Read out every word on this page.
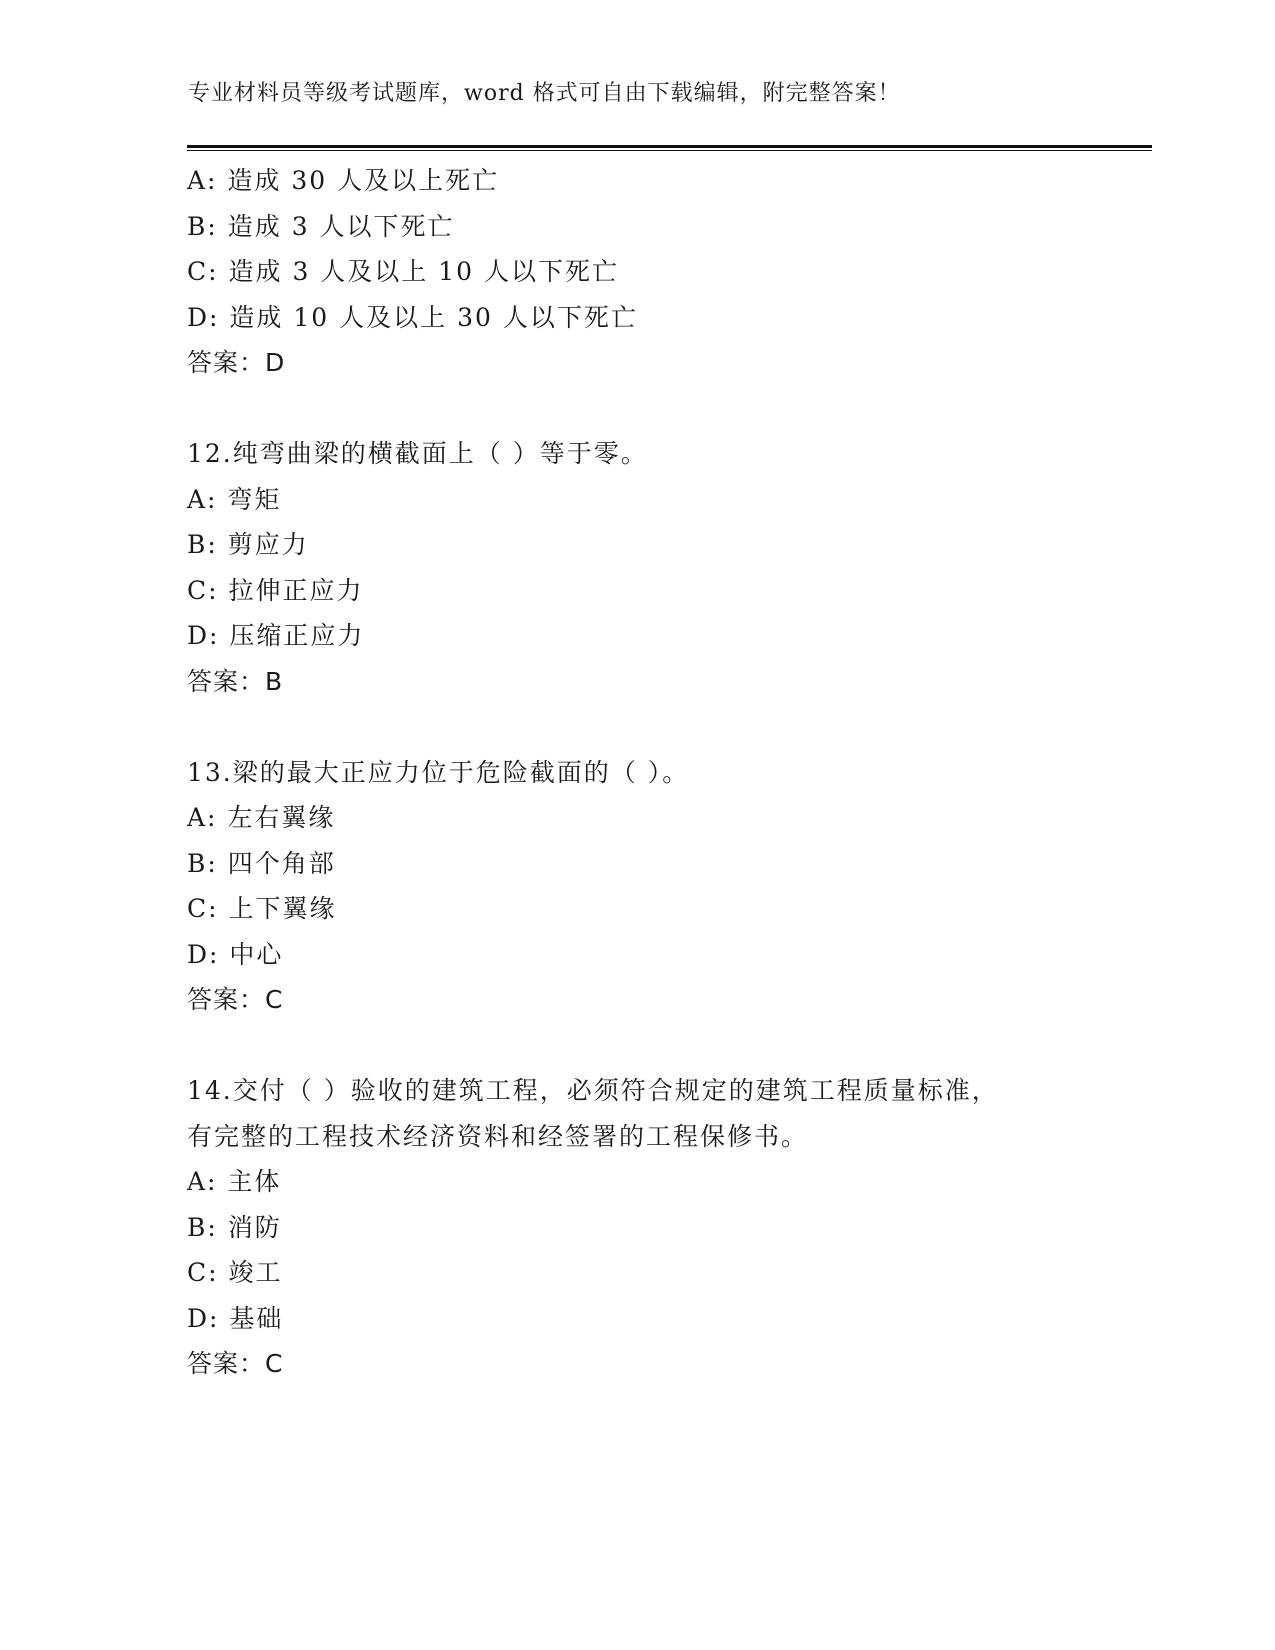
专业材料员等级考试题库，word 格式可自由下载编辑，附完整答案！
A: 造成 30 人及以上死亡
B: 造成 3 人以下死亡
C: 造成 3 人及以上 10 人以下死亡
D: 造成 10 人及以上 30 人以下死亡
答案：D
12.纯弯曲梁的横截面上（ ）等于零。
A: 弯矩
B: 剪应力
C: 拉伸正应力
D: 压缩正应力
答案：B
13.梁的最大正应力位于危险截面的（ ）。
A: 左右翼缘
B: 四个角部
C: 上下翼缘
D: 中心
答案：C
14.交付（ ）验收的建筑工程，必须符合规定的建筑工程质量标准，
有完整的工程技术经济资料和经签署的工程保修书。
A: 主体
B: 消防
C: 竣工
D: 基础
答案：C
